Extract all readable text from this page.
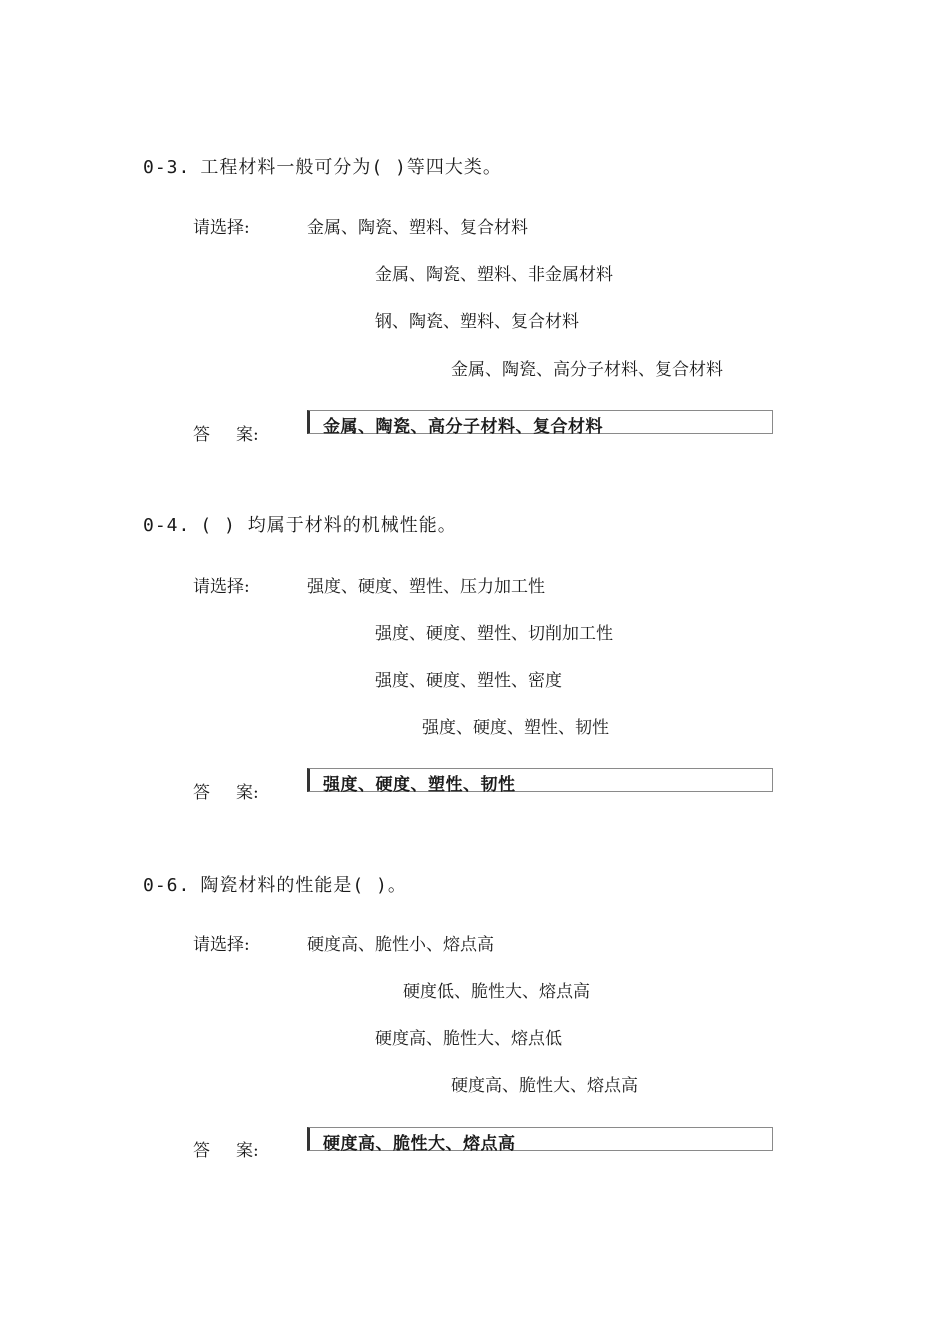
0-3. 工程材料一般可分为( )等四大类。
请选择:	金属、陶瓷、塑料、复合材料
金属、陶瓷、塑料、非金属材料
钢、陶瓷、塑料、复合材料
金属、陶瓷、高分子材料、复合材料
答 案:	金属、陶瓷、高分子材料、复合材料
0-4. ( ) 均属于材料的机械性能。
请选择:	强度、硬度、塑性、压力加工性
强度、硬度、塑性、切削加工性
强度、硬度、塑性、密度
强度、硬度、塑性、韧性
答 案:	强度、硬度、塑性、韧性
0-6. 陶瓷材料的性能是( )。
请选择:	硬度高、脆性小、熔点高
硬度低、脆性大、熔点高
硬度高、脆性大、熔点低
硬度高、脆性大、熔点高
答 案:	硬度高、脆性大、熔点高
